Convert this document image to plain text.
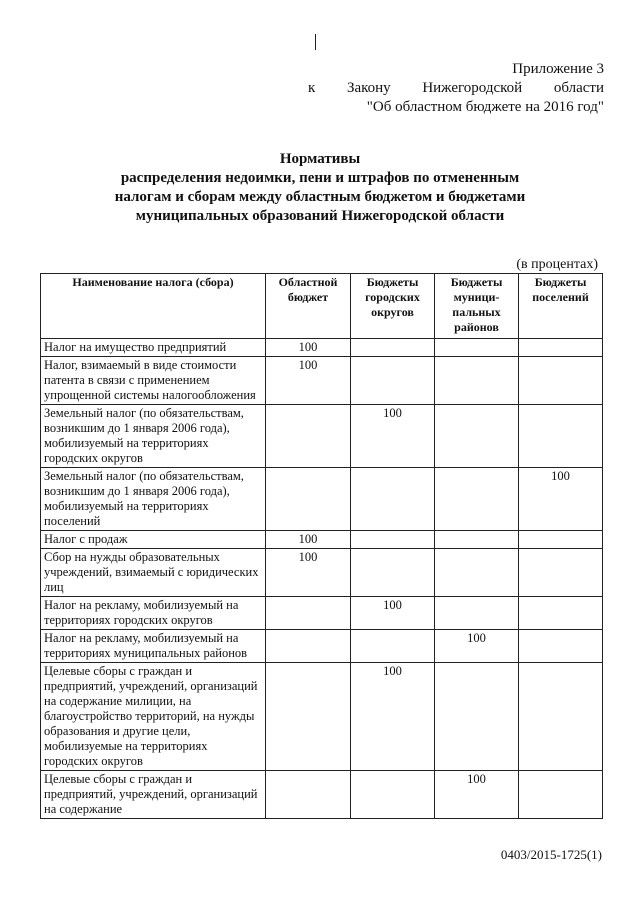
Приложение 3
к Закону Нижегородской области
"Об областном бюджете на 2016 год"
Нормативы
распределения недоимки, пени и штрафов по отмененным
налогам и сборам между областным бюджетом и бюджетами
муниципальных образований Нижегородской области
(в процентах)
Наименование налога (сбора)	Областной бюджет	Бюджеты городских округов	Бюджеты муници-пальных районов	Бюджеты поселений
Налог на имущество предприятий	100			
Налог, взимаемый в виде стоимости патента в связи с применением упрощенной системы налогообложения	100			
Земельный налог (по обязательствам, возникшим до 1 января 2006 года), мобилизуемый на территориях городских округов		100		
Земельный налог (по обязательствам, возникшим до 1 января 2006 года), мобилизуемый на территориях поселений				100
Налог с продаж	100			
Сбор на нужды образовательных учреждений, взимаемый с юридических лиц	100			
Налог на рекламу, мобилизуемый на территориях городских округов		100		
Налог на рекламу, мобилизуемый на территориях муниципальных районов			100	
Целевые сборы с граждан и предприятий, учреждений, организаций на содержание милиции, на благоустройство территорий, на нужды образования и другие цели, мобилизуемые на территориях городских округов		100		
Целевые сборы с граждан и предприятий, учреждений, организаций на содержание			100	
0403/2015-1725(1)
